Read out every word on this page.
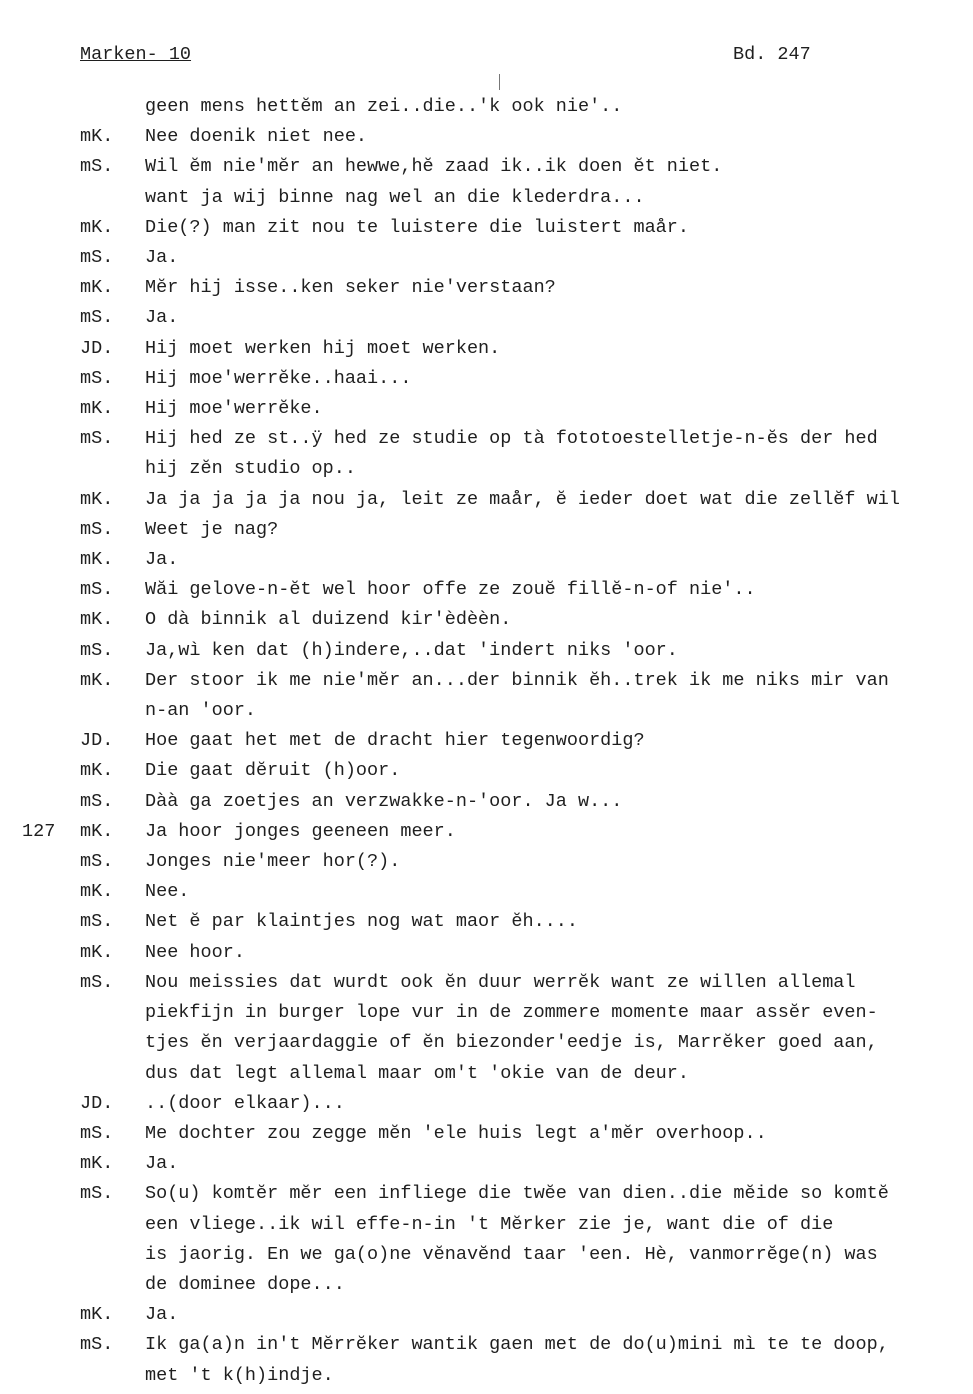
Marken- 10	Bd. 247
geen mens hettĕm an zei..die..'k ook nie'..
mK.	Nee doenik niet nee.
mS.	Wil ĕm nie'mĕr an hewwe,hĕ zaad ik..ik doen ĕt niet.
want ja wij binne nag wel an die klederdra...
mK.	Die(?) man zit nou te luistere die luistert maår.
mS.	Ja.
mK.	Mĕr hij isse..ken seker nie'verstaan?
mS.	Ja.
JD.	Hij moet werken hij moet werken.
mS.	Hij moe'werrĕke..haai...
mK.	Hij moe'werrĕke.
mS.	Hij hed ze st..ÿ hed ze studie op tà fototoestelletje-n-ĕs der hed
hij zĕn studio op..
mK.	Ja ja ja ja ja nou ja, leit ze maår, ĕ ieder doet wat die zellĕf wil
mS.	Weet je nag?
mK.	Ja.
mS.	Wăi gelove-n-ĕt wel hoor offe ze zouĕ fillĕ-n-of nie'..
mK.	O dà binnik al duizend kir'èdèèn.
mS.	Ja,wì ken dat (h)indere,..dat 'indert niks 'oor.
mK.	Der stoor ik me nie'mĕr an...der binnik ĕh..trek ik me niks mir van
n-an 'oor.
JD.	Hoe gaat het met de dracht hier tegenwoordig?
mK.	Die gaat dĕruit (h)oor.
mS.	Dàà ga zoetjes an verzwakke-n-'oor. Ja w...
127 mK.	Ja hoor jonges geeneen meer.
mS.	Jonges nie'meer hor(?).
mK.	Nee.
mS.	Net ĕ par klaintjes nog wat maor ĕh....
mK.	Nee hoor.
mS.	Nou meissies dat wurdt ook ĕn duur werrĕk want ze willen allemal
piekfijn in burger lope vur in de zommere momente maar assĕr even-
tjes ĕn verjaardaggie of ĕn biezonder'eedje is, Marrĕker goed aan,
dus dat legt allemal maar om't 'okie van de deur.
JD.	..(door elkaar)...
mS.	Me dochter zou zegge mĕn 'ele huis legt a'mĕr overhoop..
mK.	Ja.
mS.	So(u) komtĕr mĕr een infliege die twĕe van dien..die mĕide so komtĕ
een vliege..ik wil effe-n-in 't Mĕrker zie je, want die of die
is jaorig. En we ga(o)ne vĕnavĕnd taar 'een. Hè, vanmorrĕge(n) was
de dominee dope...
mK.	Ja.
mS.	Ik ga(a)n in't Mĕrrĕker wantik gaen met de do(u)mini mì te te doop,
met 't k(h)indje.
